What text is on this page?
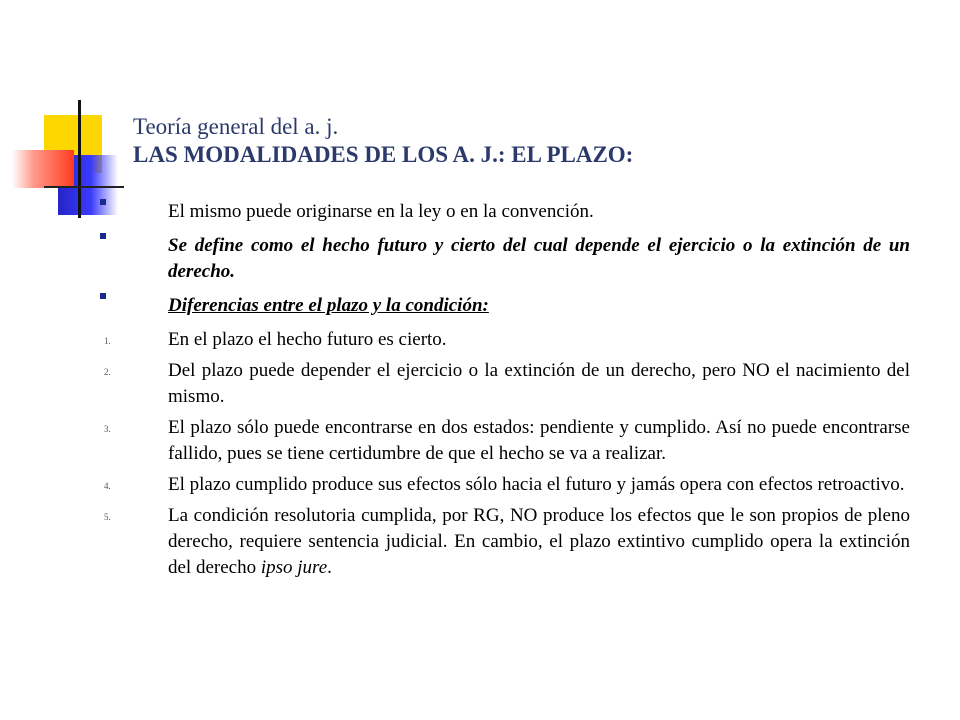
Teoría general del a. j.
LAS MODALIDADES DE LOS A. J.: EL PLAZO:
El mismo puede originarse en la ley o en la convención.
Se define como el hecho futuro y cierto del cual depende el ejercicio o la extinción de un derecho.
Diferencias entre el plazo y la condición:
1.	En el plazo el hecho futuro es cierto.
2.	Del plazo puede depender el ejercicio o la extinción de un derecho, pero NO el nacimiento del mismo.
3.	El plazo sólo puede encontrarse en dos estados: pendiente y cumplido. Así no puede encontrarse fallido, pues se tiene certidumbre de que el hecho se va a realizar.
4.	El plazo cumplido produce sus efectos sólo hacia el futuro y jamás opera con efectos retroactivo.
5.	La condición resolutoria cumplida, por RG, NO produce los efectos que le son propios de pleno derecho, requiere sentencia judicial. En cambio, el plazo extintivo cumplido opera la extinción del derecho ipso jure.
